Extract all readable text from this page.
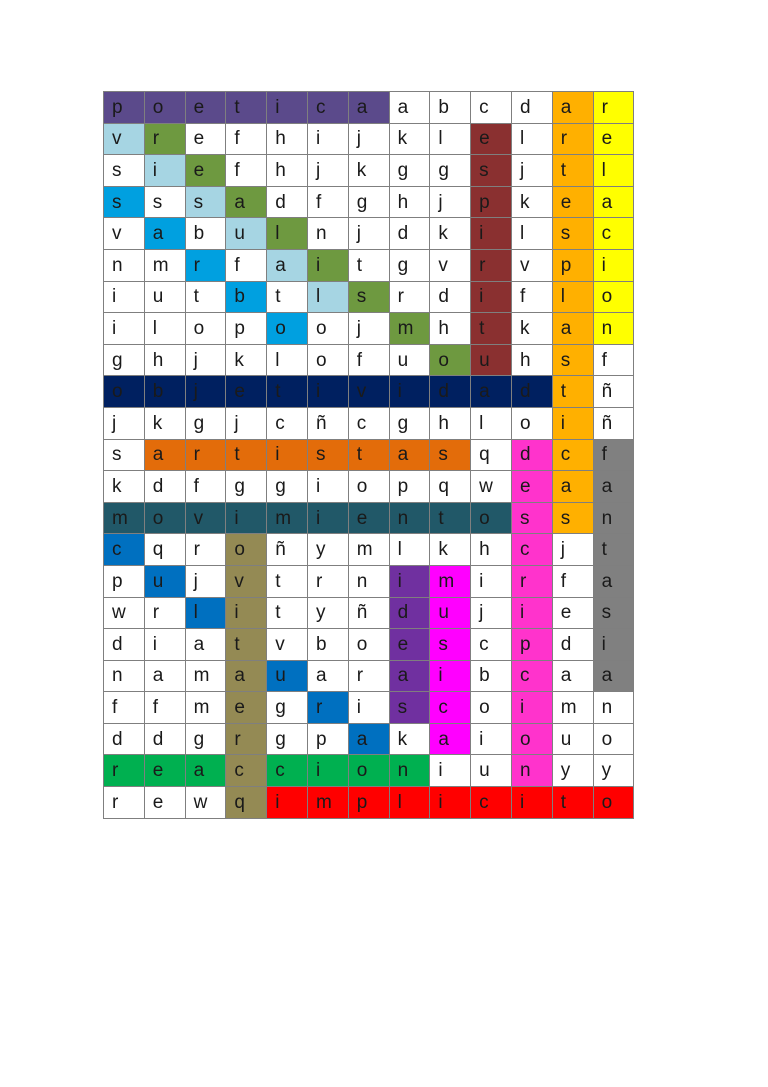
p	o	e	t	i	c	a	a	b	c	d	a	r
v	r	e	f	h	i	j	k	l	e	l	r	e
s	i	e	f	h	j	k	g	g	s	j	t	l
s	s	s	a	d	f	g	h	j	p	k	e	a
v	a	b	u	l	n	j	d	k	i	l	s	c
n	m	r	f	a	i	t	g	v	r	v	p	i
i	u	t	b	t	l	s	r	d	i	f	l	o
i	l	o	p	o	o	j	m	h	t	k	a	n
g	h	j	k	l	o	f	u	o	u	h	s	f
o	b	j	e	t	i	v	i	d	a	d	t	ñ
j	k	g	j	c	ñ	c	g	h	l	o	i	ñ
s	a	r	t	i	s	t	a	s	q	d	c	f
k	d	f	g	g	i	o	p	q	w	e	a	a
m	o	v	i	m	i	e	n	t	o	s	s	n
c	q	r	o	ñ	y	m	l	k	h	c	j	t
p	u	j	v	t	r	n	i	m	i	r	f	a
w	r	l	i	t	y	ñ	d	u	j	i	e	s
d	i	a	t	v	b	o	e	s	c	p	d	i
n	a	m	a	u	a	r	a	i	b	c	a	a
f	f	m	e	g	r	i	s	c	o	i	m	n
d	d	g	r	g	p	a	k	a	i	o	u	o
r	e	a	c	c	i	o	n	i	u	n	y	y
r	e	w	q	i	m	p	l	i	c	i	t	o
